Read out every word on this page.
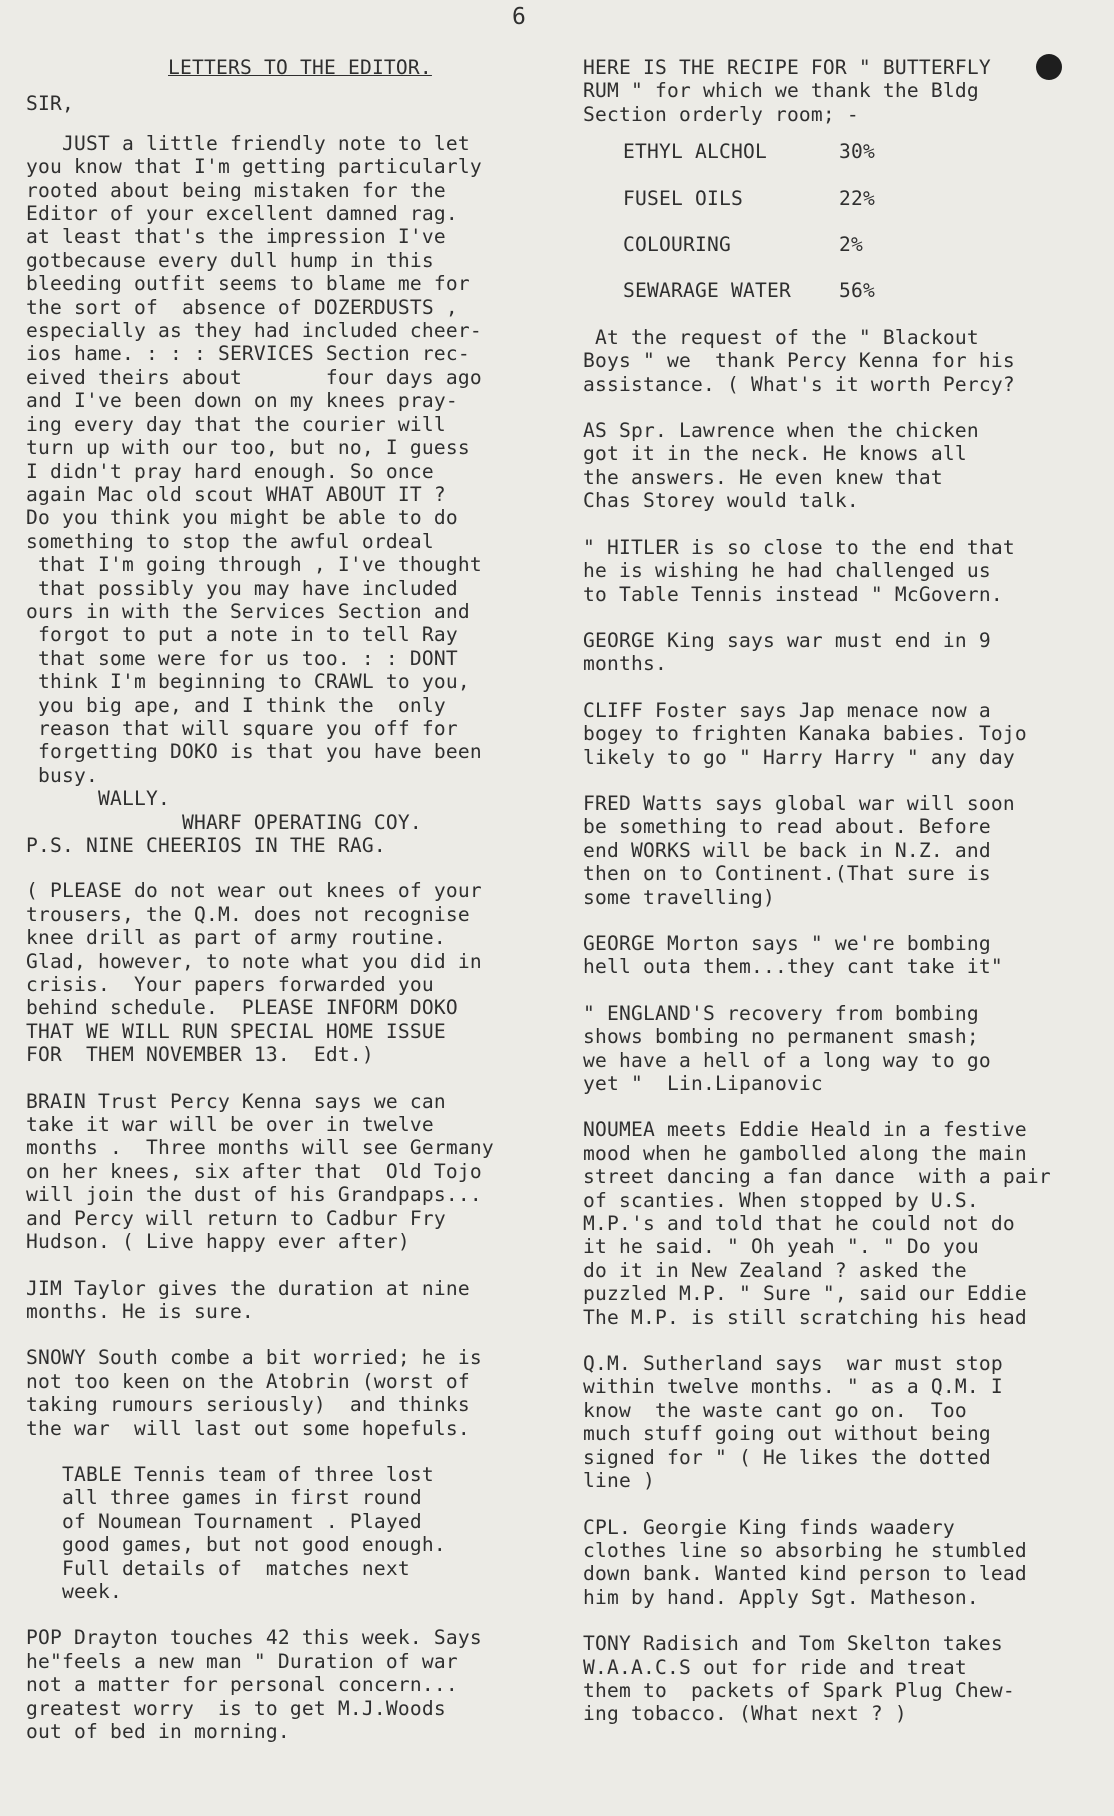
6
LETTERS TO THE EDITOR.
SIR,
JUST a little friendly note to let
you know that I'm getting particularly
rooted about being mistaken for the
Editor of your excellent damned rag.
at least that's the impression I've
gotbecause every dull hump in this
bleeding outfit seems to blame me for
the sort of  absence of DOZERDUSTS ,
especially as they had included cheer-
ios hame. : : : SERVICES Section rec-
eived theirs about       four days ago
and I've been down on my knees pray-
ing every day that the courier will
turn up with our too, but no, I guess
I didn't pray hard enough. So once
again Mac old scout WHAT ABOUT IT ?
Do you think you might be able to do
something to stop the awful ordeal
that I'm going through , I've thought
that possibly you may have included
ours in with the Services Section and
forgot to put a note in to tell Ray
that some were for us too. : : DONT
think I'm beginning to CRAWL to you,
you big ape, and I think the  only
reason that will square you off for
forgetting DOKO is that you have been
busy.
WALLY.
WHARF OPERATING COY.
P.S. NINE CHEERIOS IN THE RAG.
( PLEASE do not wear out knees of your
trousers, the Q.M. does not recognise
knee drill as part of army routine.
Glad, however, to note what you did in
crisis.  Your papers forwarded you
behind schedule.  PLEASE INFORM DOKO
THAT WE WILL RUN SPECIAL HOME ISSUE
FOR  THEM NOVEMBER 13.  Edt.)
BRAIN Trust Percy Kenna says we can
take it war will be over in twelve
months .  Three months will see Germany
on her knees, six after that  Old Tojo
will join the dust of his Grandpaps...
and Percy will return to Cadbur Fry
Hudson. ( Live happy ever after)
JIM Taylor gives the duration at nine
months. He is sure.
SNOWY South combe a bit worried; he is
not too keen on the Atobrin (worst of
taking rumours seriously)  and thinks
the war  will last out some hopefuls.
TABLE Tennis team of three lost
all three games in first round
of Noumean Tournament . Played
good games, but not good enough.
Full details of  matches next
week.
POP Drayton touches 42 this week. Says
he"feels a new man " Duration of war
not a matter for personal concern...
greatest worry  is to get M.J.Woods
out of bed in morning.
HERE IS THE RECIPE FOR " BUTTERFLY
RUM " for which we thank the Bldg
Section orderly room; -
ETHYL ALCHOL	30%
FUSEL OILS	22%
COLOURING	2%
SEWARAGE WATER	56%
At the request of the " Blackout
Boys " we  thank Percy Kenna for his
assistance. ( What's it worth Percy?
AS Spr. Lawrence when the chicken
got it in the neck. He knows all
the answers. He even knew that
Chas Storey would talk.
" HITLER is so close to the end that
he is wishing he had challenged us
to Table Tennis instead " McGovern.
GEORGE King says war must end in 9
months.
CLIFF Foster says Jap menace now a
bogey to frighten Kanaka babies. Tojo
likely to go " Harry Harry " any day
FRED Watts says global war will soon
be something to read about. Before
end WORKS will be back in N.Z. and
then on to Continent.(That sure is
some travelling)
GEORGE Morton says " we're bombing
hell outa them...they cant take it"
" ENGLAND'S recovery from bombing
shows bombing no permanent smash;
we have a hell of a long way to go
yet "  Lin.Lipanovic
NOUMEA meets Eddie Heald in a festive
mood when he gambolled along the main
street dancing a fan dance  with a pair
of scanties. When stopped by U.S.
M.P.'s and told that he could not do
it he said. " Oh yeah ". " Do you
do it in New Zealand ? asked the
puzzled M.P. " Sure ", said our Eddie
The M.P. is still scratching his head
Q.M. Sutherland says  war must stop
within twelve months. " as a Q.M. I
know  the waste cant go on.  Too
much stuff going out without being
signed for " ( He likes the dotted
line )
CPL. Georgie King finds waadery
clothes line so absorbing he stumbled
down bank. Wanted kind person to lead
him by hand. Apply Sgt. Matheson.
TONY Radisich and Tom Skelton takes
W.A.A.C.S out for ride and treat
them to  packets of Spark Plug Chew-
ing tobacco. (What next ? )
